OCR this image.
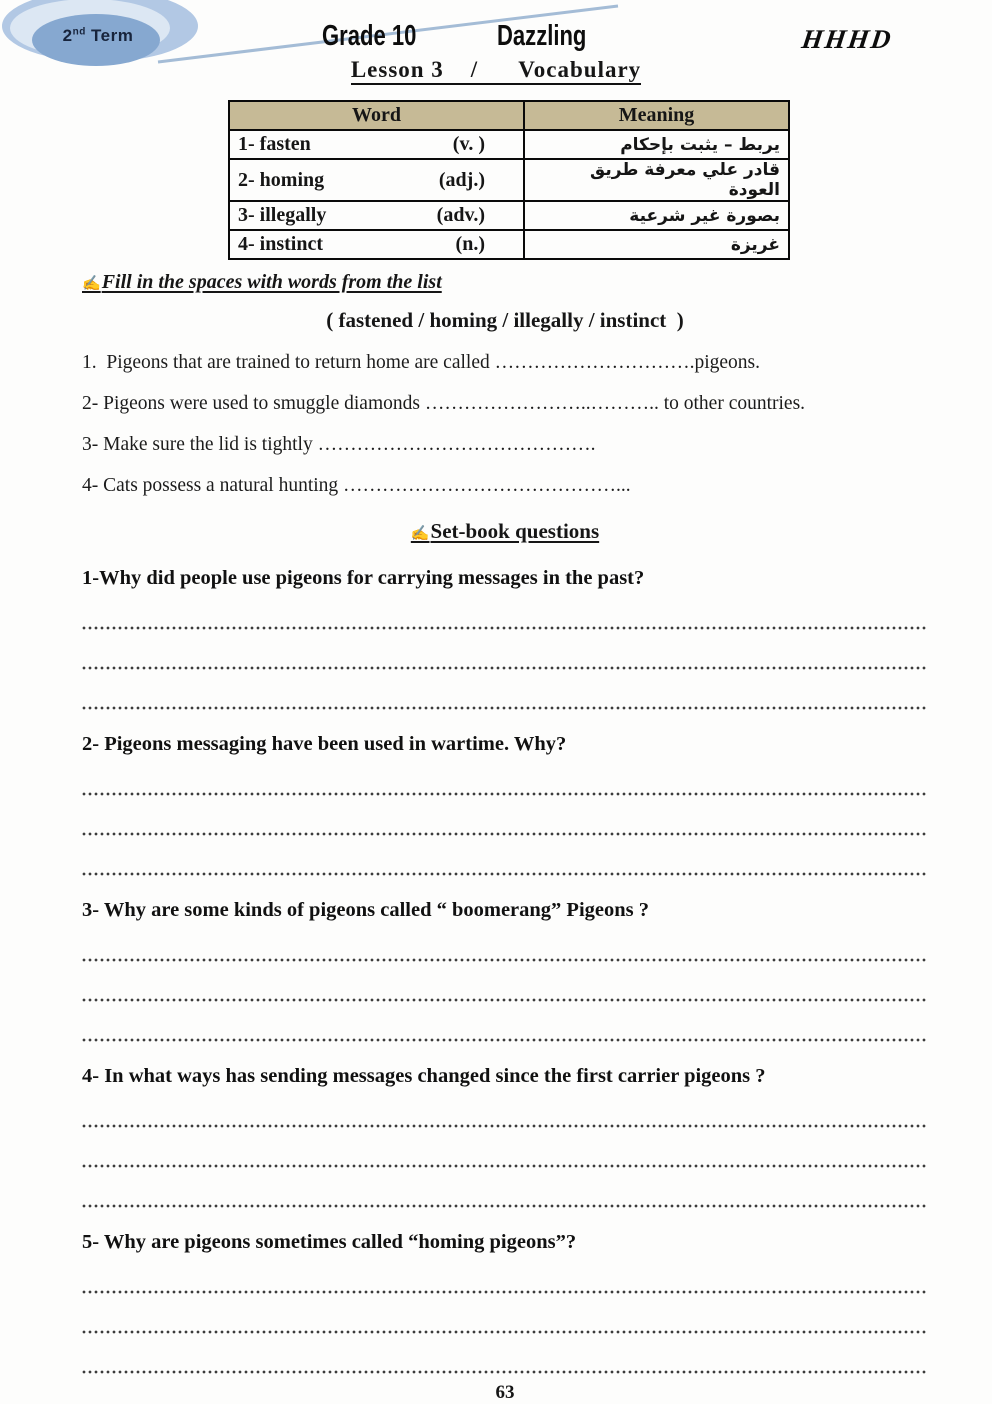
2nd Term	Grade 10	Dazzling	HHHD
Lesson 3    /      Vocabulary
Word	Meaning

1- fasten (v. )	يربط – يثبت بإحكام

2- homing (adj.)	قادر علي معرفة طريق العودة

3- illegally (adv.)	بصورة غير شرعية

4- instinct (n.)	غريزة
✍Fill in the spaces with words from the list
( fastened / homing / illegally / instinct  )
1.  Pigeons that are trained to return home are called ………………………….pigeons.
2- Pigeons were used to smuggle diamonds ……………………..……….. to other countries.
3- Make sure the lid is tightly …………………………………….
4- Cats possess a natural hunting ……………………………………...
✍Set-book questions
1-Why did people use pigeons for carrying messages in the past?
2- Pigeons messaging have been used in wartime. Why?
3- Why are some kinds of pigeons called “ boomerang” Pigeons ?
4- In what ways has sending messages changed since the first carrier pigeons ?
5- Why are pigeons sometimes called “homing pigeons”?
63
